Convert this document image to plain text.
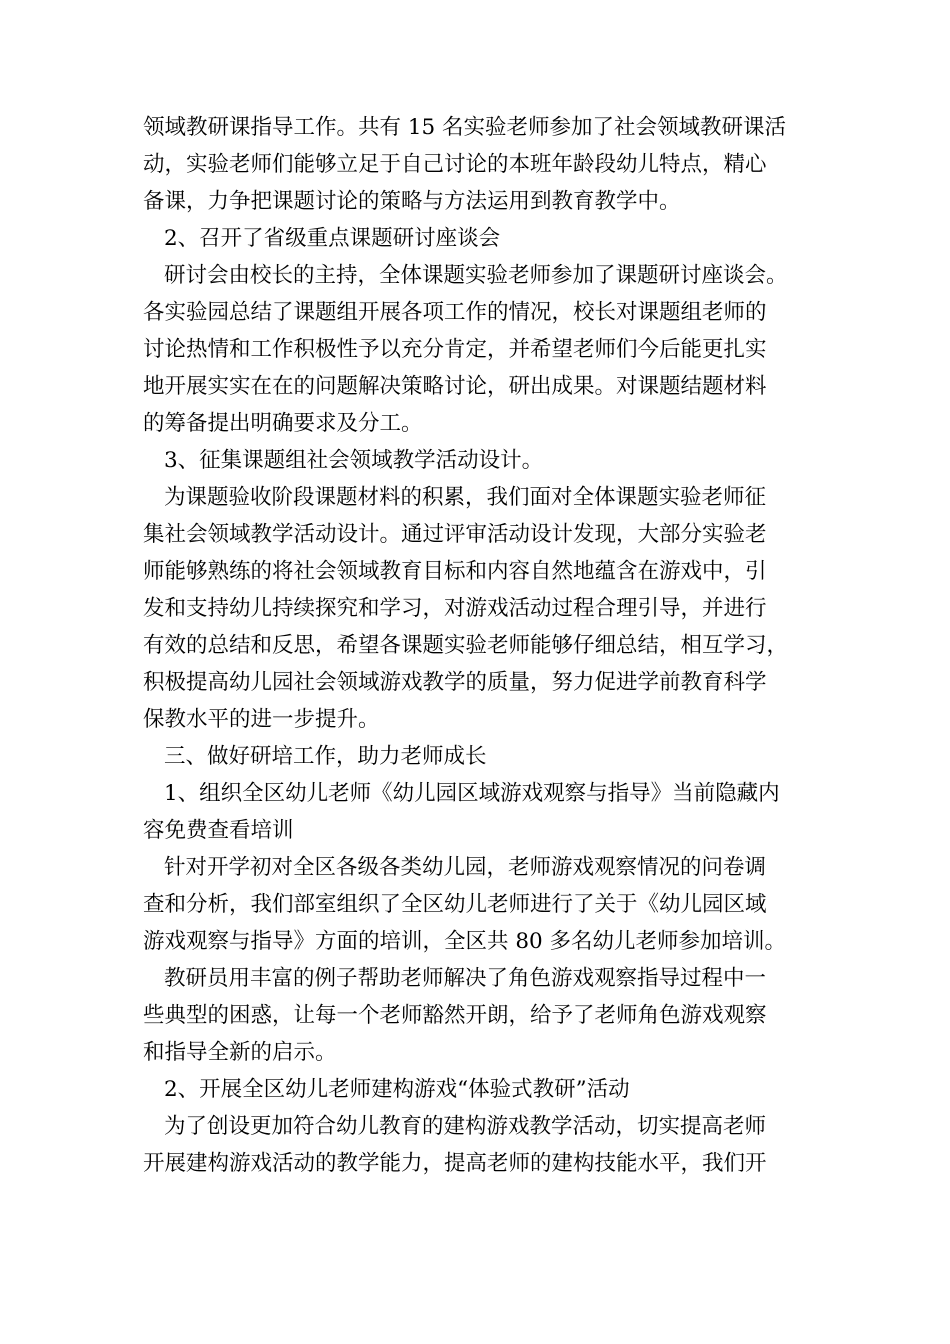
领域教研课指导工作。共有 15 名实验老师参加了社会领域教研课活
动，实验老师们能够立足于自己讨论的本班年龄段幼儿特点，精心
备课，力争把课题讨论的策略与方法运用到教育教学中。
2、召开了省级重点课题研讨座谈会
研讨会由校长的主持，全体课题实验老师参加了课题研讨座谈会。
各实验园总结了课题组开展各项工作的情况，校长对课题组老师的
讨论热情和工作积极性予以充分肯定，并希望老师们今后能更扎实
地开展实实在在的问题解决策略讨论，研出成果。对课题结题材料
的筹备提出明确要求及分工。
3、征集课题组社会领域教学活动设计。
为课题验收阶段课题材料的积累，我们面对全体课题实验老师征
集社会领域教学活动设计。通过评审活动设计发现，大部分实验老
师能够熟练的将社会领域教育目标和内容自然地蕴含在游戏中，引
发和支持幼儿持续探究和学习，对游戏活动过程合理引导，并进行
有效的总结和反思，希望各课题实验老师能够仔细总结，相互学习，
积极提高幼儿园社会领域游戏教学的质量，努力促进学前教育科学
保教水平的进一步提升。
三、做好研培工作，助力老师成长
1、组织全区幼儿老师《幼儿园区域游戏观察与指导》当前隐藏内
容免费查看培训
针对开学初对全区各级各类幼儿园，老师游戏观察情况的问卷调
查和分析，我们部室组织了全区幼儿老师进行了关于《幼儿园区域
游戏观察与指导》方面的培训，全区共 80 多名幼儿老师参加培训。
教研员用丰富的例子帮助老师解决了角色游戏观察指导过程中一
些典型的困惑，让每一个老师豁然开朗，给予了老师角色游戏观察
和指导全新的启示。
2、开展全区幼儿老师建构游戏“体验式教研”活动
为了创设更加符合幼儿教育的建构游戏教学活动，切实提高老师
开展建构游戏活动的教学能力，提高老师的建构技能水平，我们开
